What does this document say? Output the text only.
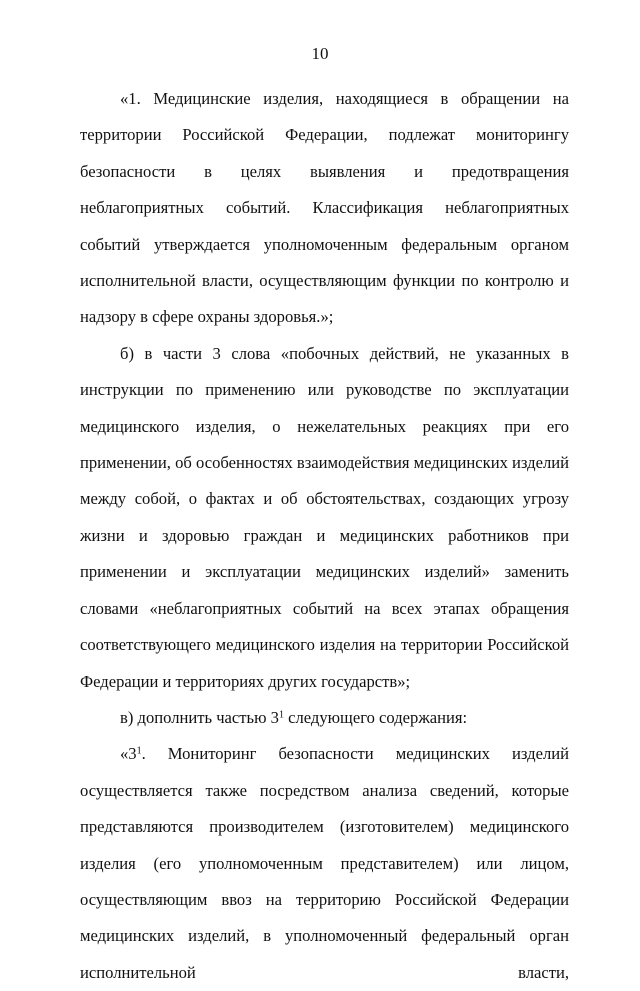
10

«1. Медицинские изделия, находящиеся в обращении на территории Российской Федерации, подлежат мониторингу безопасности в целях выявления и предотвращения неблагоприятных событий. Классификация неблагоприятных событий утверждается уполномоченным федеральным органом исполнительной власти, осуществляющим функции по контролю и надзору в сфере охраны здоровья.»;

б) в части 3 слова «побочных действий, не указанных в инструкции по применению или руководстве по эксплуатации медицинского изделия, о нежелательных реакциях при его применении, об особенностях взаимодействия медицинских изделий между собой, о фактах и об обстоятельствах, создающих угрозу жизни и здоровью граждан и медицинских работников при применении и эксплуатации медицинских изделий» заменить словами «неблагоприятных событий на всех этапах обращения соответствующего медицинского изделия на территории Российской Федерации и территориях других государств»;

в) дополнить частью $3^1$ следующего содержания:

«$3^1$. Мониторинг безопасности медицинских изделий осуществляется также посредством анализа сведений, которые представляются производителем (изготовителем) медицинского изделия (его уполномоченным представителем) или лицом, осуществляющим ввоз на территорию Российской Федерации медицинских изделий, в уполномоченный федеральный орган исполнительной власти,
